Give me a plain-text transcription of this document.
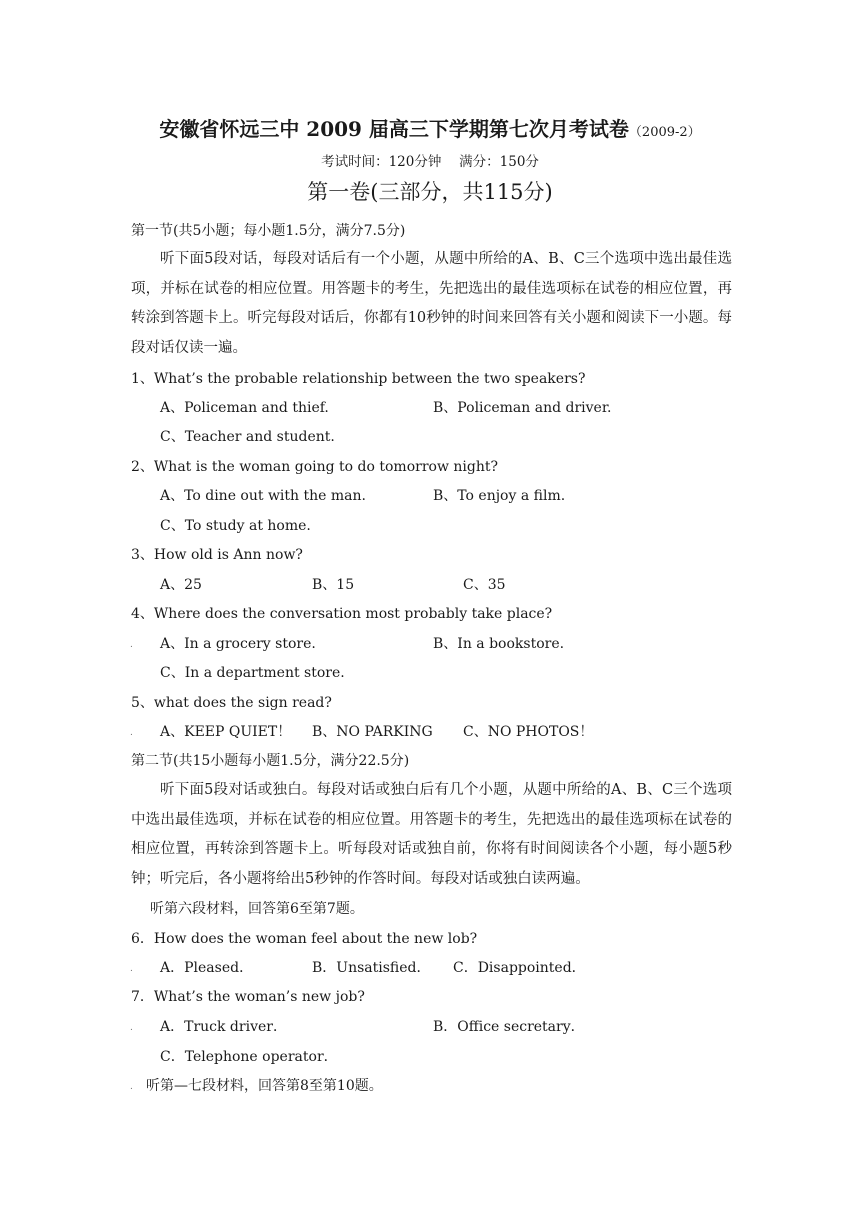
安徽省怀远三中 2009 届高三下学期第七次月考试卷（2009-2）
考试时间：120分钟　 满分：150分
第一卷(三部分，共115分)
第一节(共5小题；每小题1.5分，满分7.5分)
听下面5段对话，每段对话后有一个小题，从题中所给的A、B、C三个选项中选出最佳选项，并标在试卷的相应位置。用答题卡的考生，先把选出的最佳选项标在试卷的相应位置，再转涂到答题卡上。听完每段对话后，你都有10秒钟的时间来回答有关小题和阅读下一小题。每段对话仅读一遍。
1、What’s the probable relationship between the two speakers?
A、Policeman and thief.	B、Policeman and driver.
C、Teacher and student.
2、What is the woman going to do tomorrow night?
A、To dine out with the man.	B、To enjoy a film.
C、To study at home.
3、How old is Ann now?
A、25	B、15	C、35
4、Where does the conversation most probably take place?
. A、In a grocery store.	B、In a bookstore.
C、In a department store.
5、what does the sign read?
. A、KEEP QUIET！ B、NO PARKING C、NO PHOTOS！
第二节(共15小题每小题1.5分，满分22.5分)
听下面5段对话或独白。每段对话或独白后有几个小题，从题中所给的A、B、C三个选项中选出最佳选项，并标在试卷的相应位置。用答题卡的考生，先把选出的最佳选项标在试卷的相应位置，再转涂到答题卡上。听每段对话或独自前，你将有时间阅读各个小题，每小题5秒钟；听完后，各小题将给出5秒钟的作答时间。每段对话或独白读两遍。
听第六段材料，回答第6至第7题。
6．How does the woman feel about the new lob?
. A．Pleased．	B．Unsatisfied． C．Disappointed．
7．What’s the woman’s new job?
. A．Truck driver．	B．Office secretary．
C．Telephone operator．
. 听第—七段材料，回答第8至第10题。
